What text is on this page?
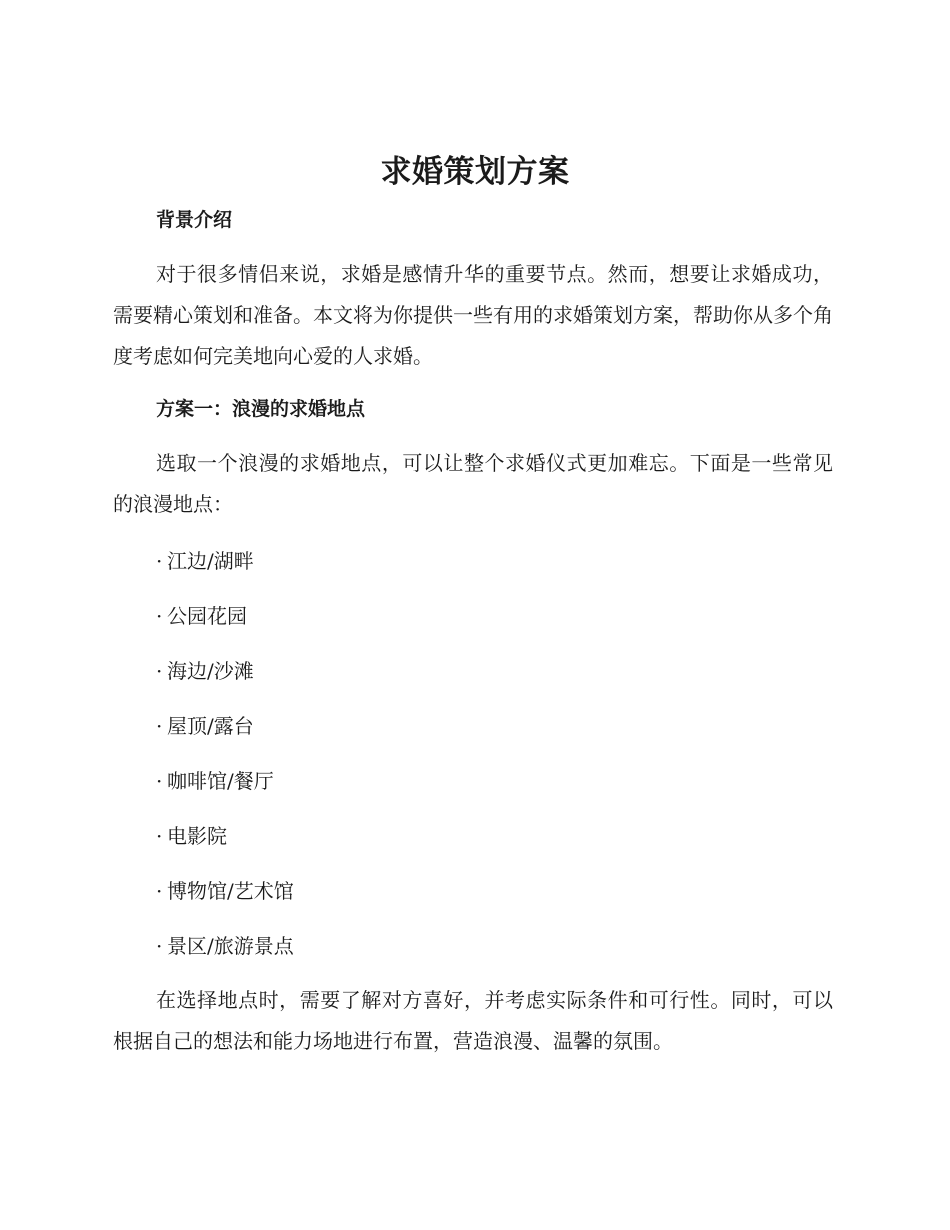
求婚策划方案
背景介绍

对于很多情侣来说，求婚是感情升华的重要节点。然而，想要让求婚成功，需要精心策划和准备。本文将为你提供一些有用的求婚策划方案，帮助你从多个角度考虑如何完美地向心爱的人求婚。

方案一：浪漫的求婚地点

选取一个浪漫的求婚地点，可以让整个求婚仪式更加难忘。下面是一些常见的浪漫地点：

· 江边/湖畔
· 公园花园
· 海边/沙滩
· 屋顶/露台
· 咖啡馆/餐厅
· 电影院
· 博物馆/艺术馆
· 景区/旅游景点

在选择地点时，需要了解对方喜好，并考虑实际条件和可行性。同时，可以根据自己的想法和能力场地进行布置，营造浪漫、温馨的氛围。
